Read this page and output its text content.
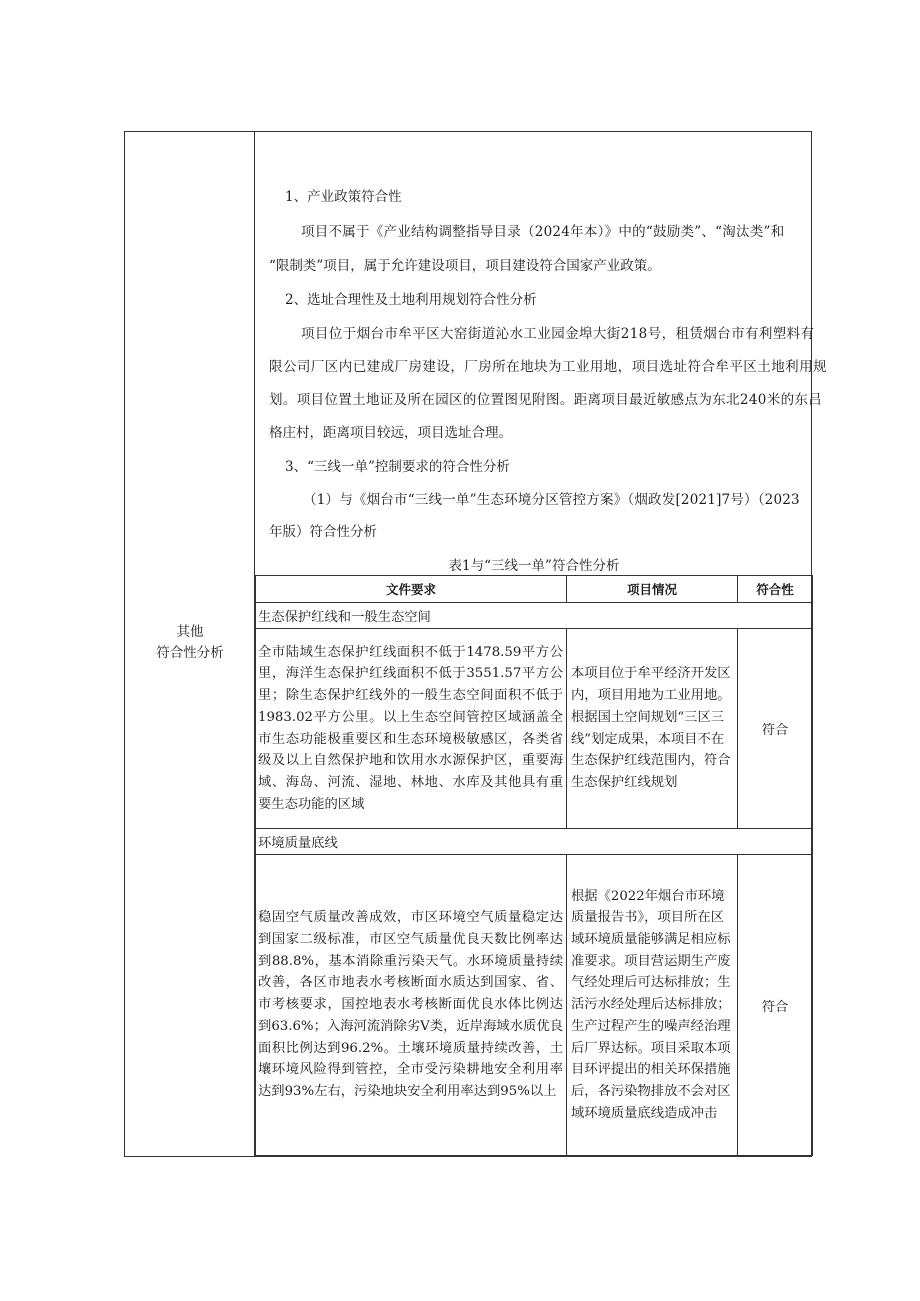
其他
符合性分析
1、产业政策符合性
项目不属于《产业结构调整指导目录（2024年本）》中的“鼓励类”、“淘汰类”和
“限制类”项目，属于允许建设项目，项目建设符合国家产业政策。
2、选址合理性及土地利用规划符合性分析
项目位于烟台市牟平区大窑街道沁水工业园金埠大街218号，租赁烟台市有利塑料有
限公司厂区内已建成厂房建设，厂房所在地块为工业用地，项目选址符合牟平区土地利用规
划。项目位置土地证及所在园区的位置图见附图。距离项目最近敏感点为东北240米的东吕
格庄村，距离项目较远，项目选址合理。
3、“三线一单”控制要求的符合性分析
（1）与《烟台市“三线一单”生态环境分区管控方案》（烟政发[2021]7号）（2023
年版）符合性分析
表1与“三线一单”符合性分析
文件要求	项目情况	符合性
生态保护红线和一般生态空间		
全市陆域生态保护红线面积不低于1478.59平方公里，海洋生态保护红线面积不低于3551.57平方公里；除生态保护红线外的一般生态空间面积不低于1983.02平方公里。以上生态空间管控区域涵盖全市生态功能极重要区和生态环境极敏感区，各类省级及以上自然保护地和饮用水水源保护区，重要海域、海岛、河流、湿地、林地、水库及其他具有重要生态功能的区域	本项目位于牟平经济开发区内，项目用地为工业用地。根据国土空间规划“三区三线”划定成果，本项目不在生态保护红线范围内，符合生态保护红线规划	符合
环境质量底线		
稳固空气质量改善成效，市区环境空气质量稳定达到国家二级标准，市区空气质量优良天数比例率达到88.8%，基本消除重污染天气。水环境质量持续改善，各区市地表水考核断面水质达到国家、省、市考核要求，国控地表水考核断面优良水体比例达到63.6%；入海河流消除劣V类，近岸海域水质优良面积比例达到96.2%。土壤环境质量持续改善，土壤环境风险得到管控，全市受污染耕地安全利用率达到93%左右，污染地块安全利用率达到95%以上	根据《2022年烟台市环境质量报告书》，项目所在区域环境质量能够满足相应标准要求。项目营运期生产废气经处理后可达标排放；生活污水经处理后达标排放；生产过程产生的噪声经治理后厂界达标。项目采取本项目环评提出的相关环保措施后，各污染物排放不会对区域环境质量底线造成冲击	符合
